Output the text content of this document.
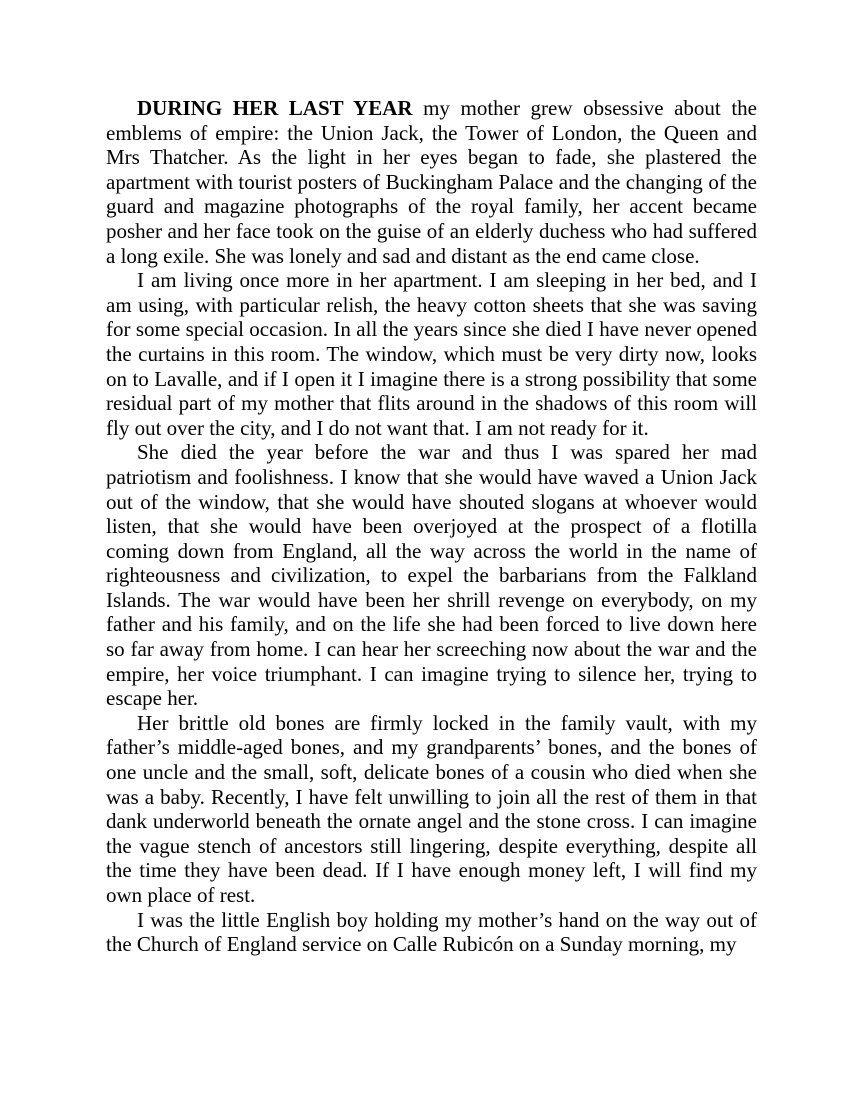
DURING HER LAST YEAR my mother grew obsessive about the emblems of empire: the Union Jack, the Tower of London, the Queen and Mrs Thatcher. As the light in her eyes began to fade, she plastered the apartment with tourist posters of Buckingham Palace and the changing of the guard and magazine photographs of the royal family, her accent became posher and her face took on the guise of an elderly duchess who had suffered a long exile. She was lonely and sad and distant as the end came close.

I am living once more in her apartment. I am sleeping in her bed, and I am using, with particular relish, the heavy cotton sheets that she was saving for some special occasion. In all the years since she died I have never opened the curtains in this room. The window, which must be very dirty now, looks on to Lavalle, and if I open it I imagine there is a strong possibility that some residual part of my mother that flits around in the shadows of this room will fly out over the city, and I do not want that. I am not ready for it.

She died the year before the war and thus I was spared her mad patriotism and foolishness. I know that she would have waved a Union Jack out of the window, that she would have shouted slogans at whoever would listen, that she would have been overjoyed at the prospect of a flotilla coming down from England, all the way across the world in the name of righteousness and civilization, to expel the barbarians from the Falkland Islands. The war would have been her shrill revenge on everybody, on my father and his family, and on the life she had been forced to live down here so far away from home. I can hear her screeching now about the war and the empire, her voice triumphant. I can imagine trying to silence her, trying to escape her.

Her brittle old bones are firmly locked in the family vault, with my father’s middle-aged bones, and my grandparents’ bones, and the bones of one uncle and the small, soft, delicate bones of a cousin who died when she was a baby. Recently, I have felt unwilling to join all the rest of them in that dank underworld beneath the ornate angel and the stone cross. I can imagine the vague stench of ancestors still lingering, despite everything, despite all the time they have been dead. If I have enough money left, I will find my own place of rest.

I was the little English boy holding my mother’s hand on the way out of the Church of England service on Calle Rubicón on a Sunday morning, my
